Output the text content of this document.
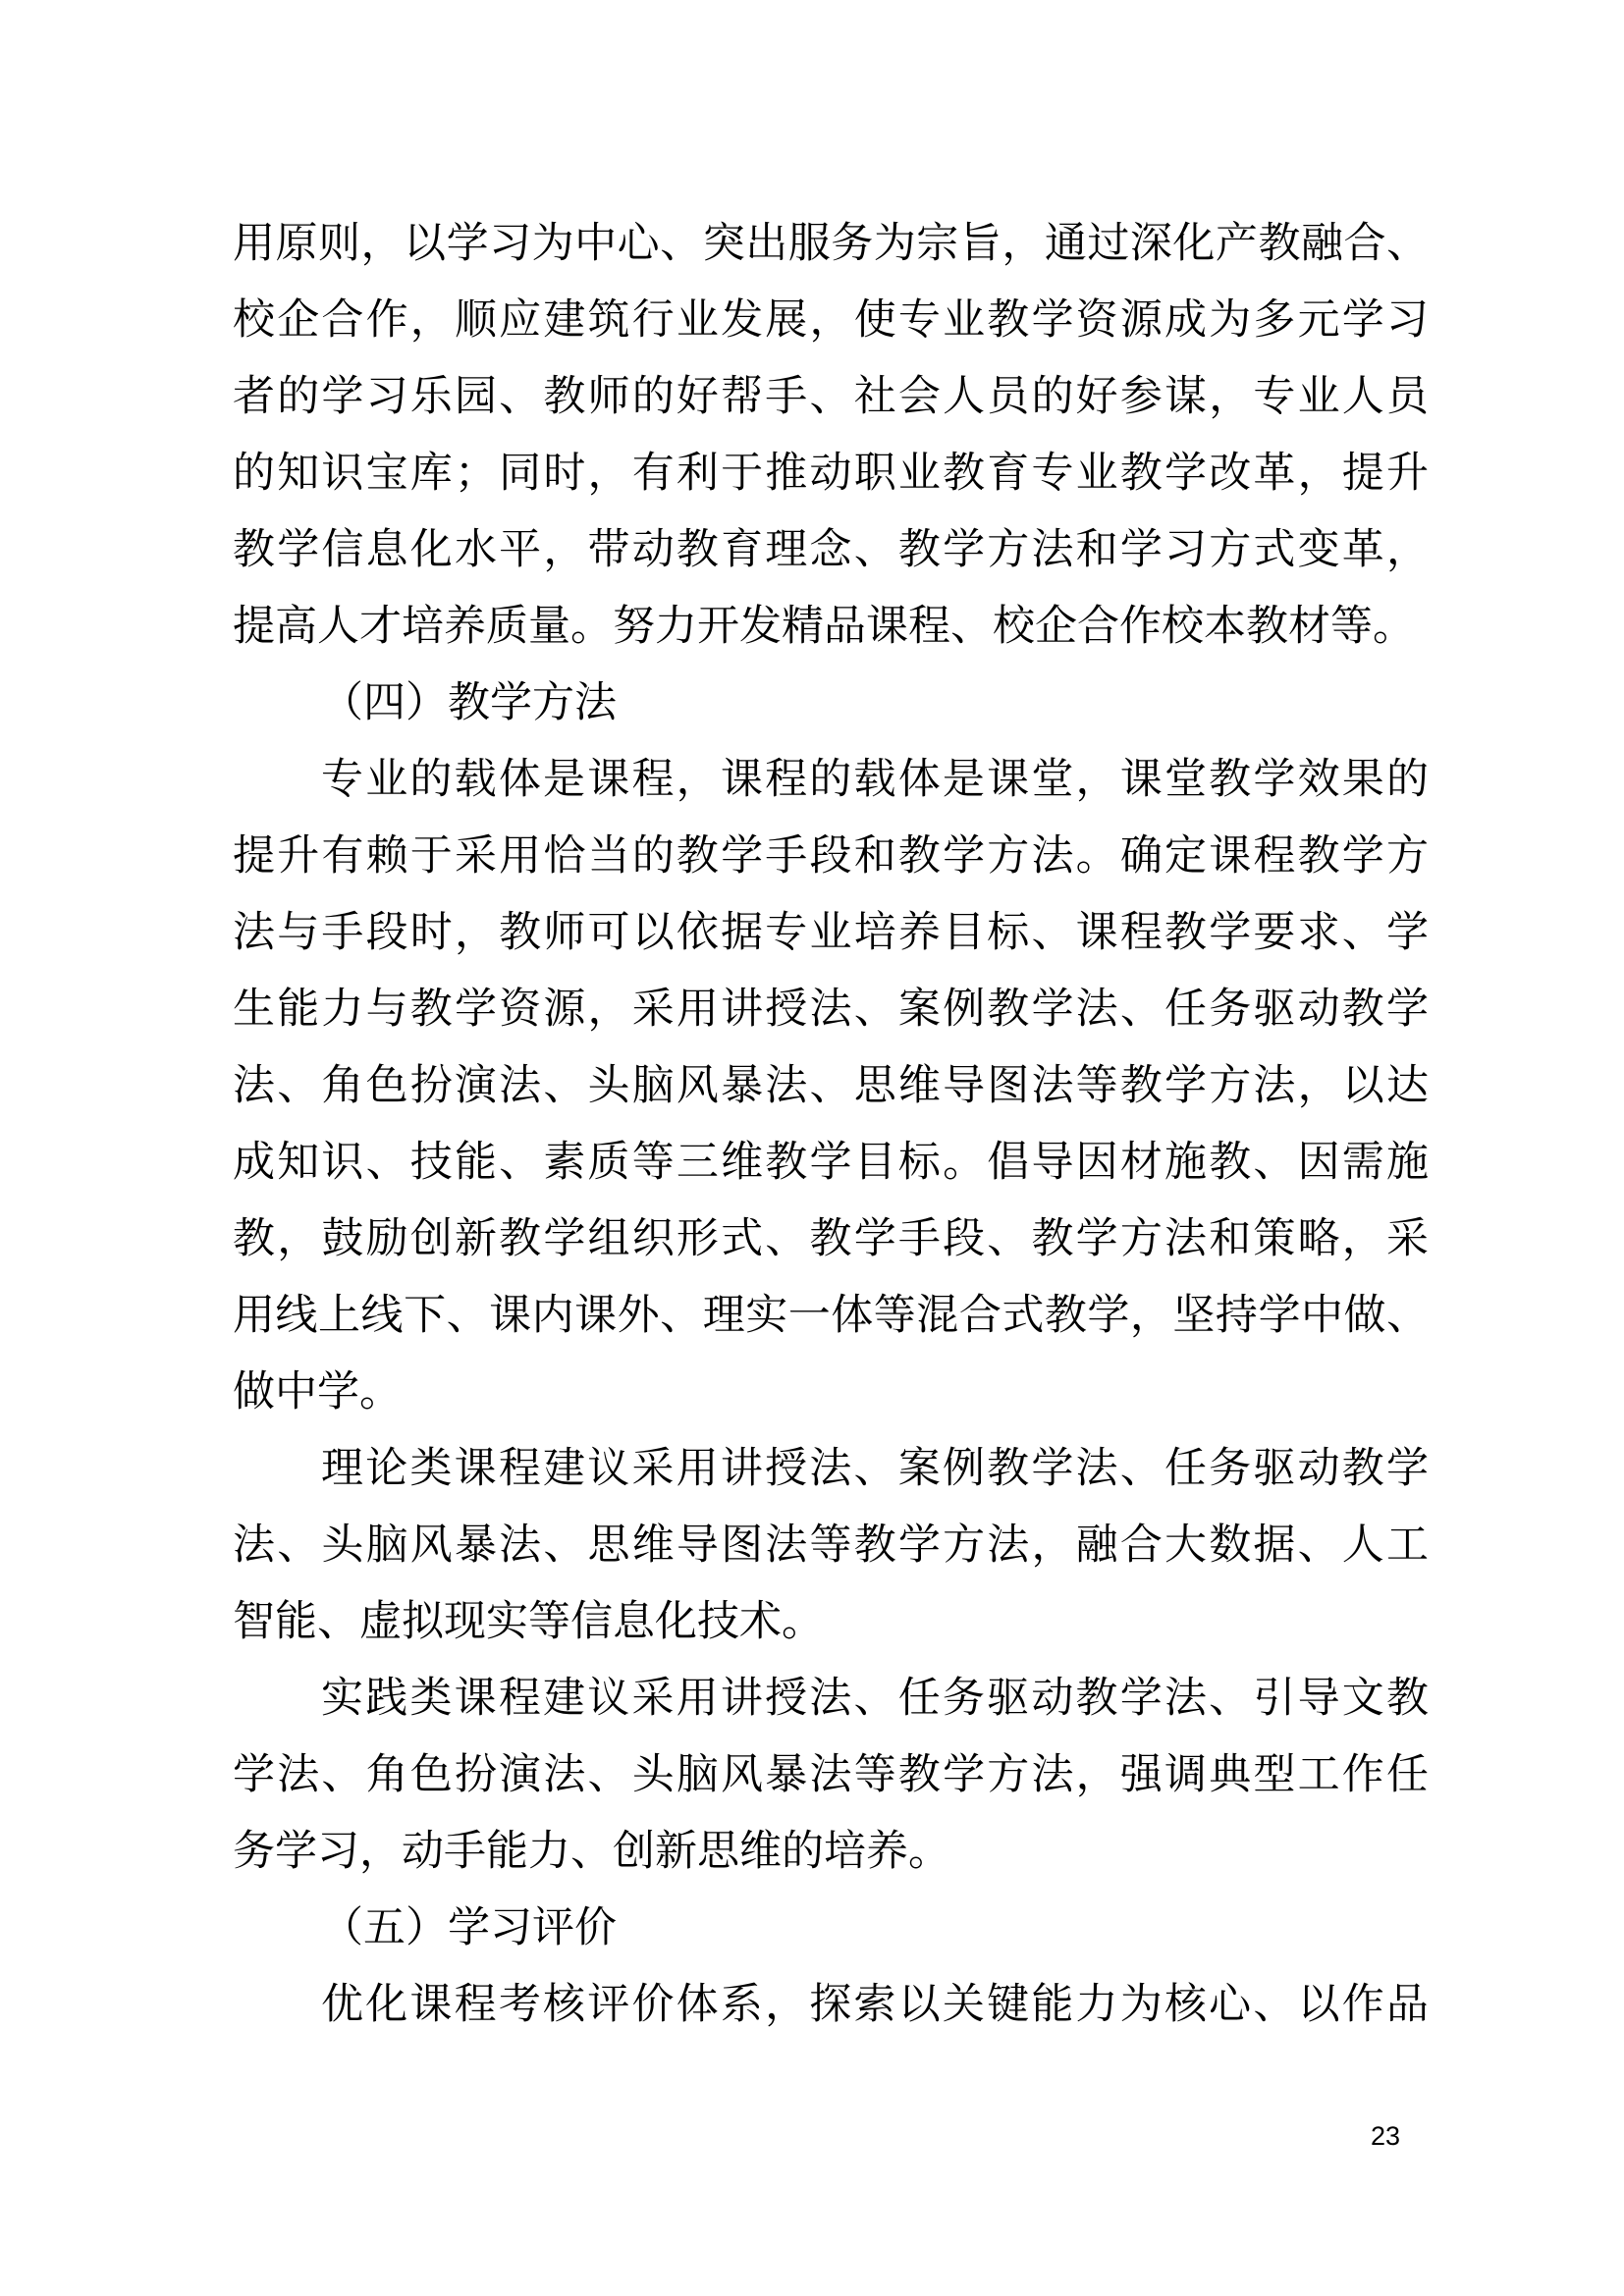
用原则，以学习为中心、突出服务为宗旨，通过深化产教融合、
校企合作，顺应建筑行业发展，使专业教学资源成为多元学习
者的学习乐园、教师的好帮手、社会人员的好参谋，专业人员
的知识宝库；同时，有利于推动职业教育专业教学改革，提升
教学信息化水平，带动教育理念、教学方法和学习方式变革，
提高人才培养质量。努力开发精品课程、校企合作校本教材等。
（四）教学方法
专业的载体是课程，课程的载体是课堂，课堂教学效果的
提升有赖于采用恰当的教学手段和教学方法。确定课程教学方
法与手段时，教师可以依据专业培养目标、课程教学要求、学
生能力与教学资源，采用讲授法、案例教学法、任务驱动教学
法、角色扮演法、头脑风暴法、思维导图法等教学方法，以达
成知识、技能、素质等三维教学目标。倡导因材施教、因需施
教，鼓励创新教学组织形式、教学手段、教学方法和策略，采
用线上线下、课内课外、理实一体等混合式教学，坚持学中做、
做中学。
理论类课程建议采用讲授法、案例教学法、任务驱动教学
法、头脑风暴法、思维导图法等教学方法，融合大数据、人工
智能、虚拟现实等信息化技术。
实践类课程建议采用讲授法、任务驱动教学法、引导文教
学法、角色扮演法、头脑风暴法等教学方法，强调典型工作任
务学习，动手能力、创新思维的培养。
（五）学习评价
优化课程考核评价体系，探索以关键能力为核心、以作品
23
